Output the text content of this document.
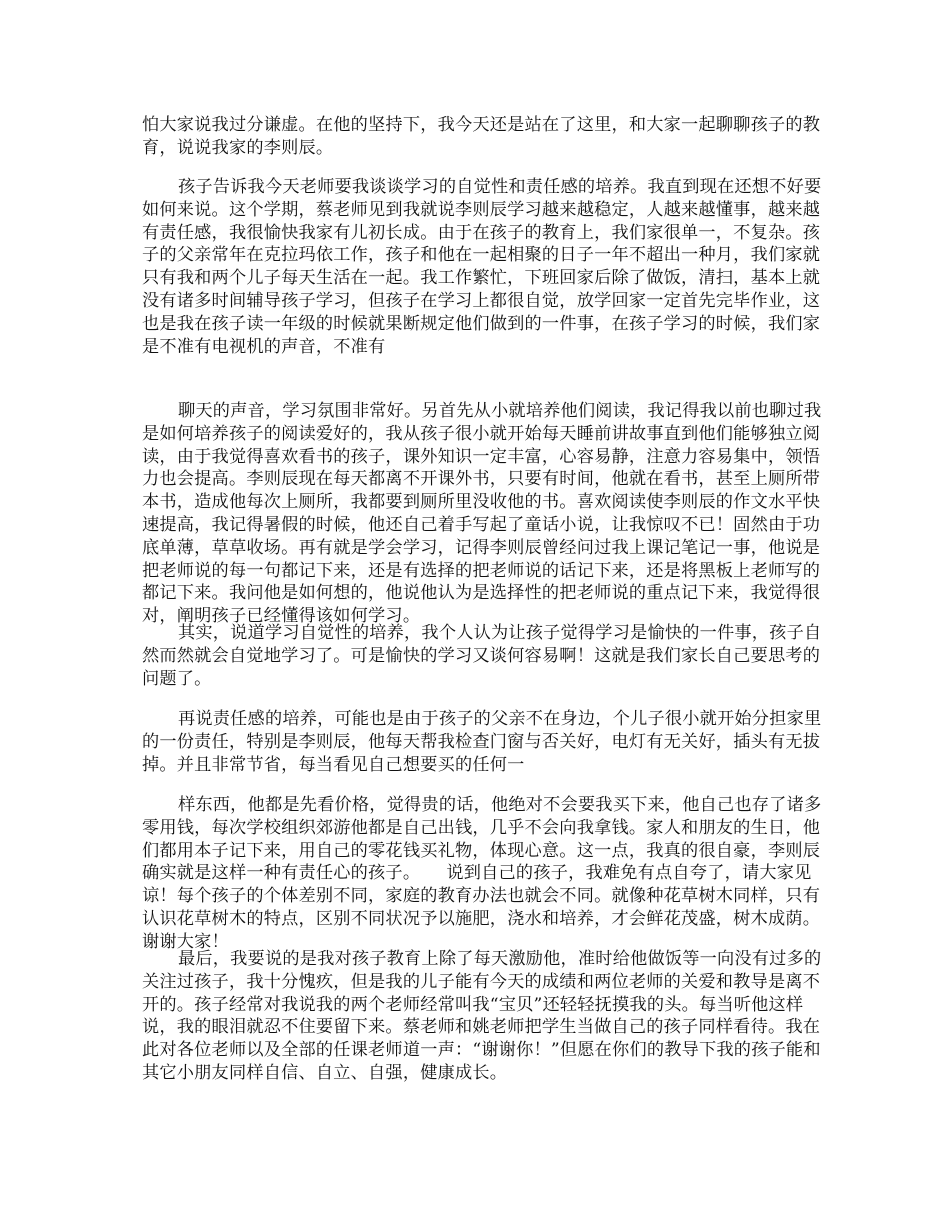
怕大家说我过分谦虚。在他的坚持下，我今天还是站在了这里，和大家一起聊聊孩子的教育，说说我家的李则辰。
孩子告诉我今天老师要我谈谈学习的自觉性和责任感的培养。我直到现在还想不好要如何来说。这个学期，蔡老师见到我就说李则辰学习越来越稳定，人越来越懂事，越来越有责任感，我很愉快我家有儿初长成。由于在孩子的教育上，我们家很单一，不复杂。孩子的父亲常年在克拉玛依工作，孩子和他在一起相聚的日子一年不超出一种月，我们家就只有我和两个儿子每天生活在一起。我工作繁忙，下班回家后除了做饭，清扫，基本上就没有诸多时间辅导孩子学习，但孩子在学习上都很自觉，放学回家一定首先完毕作业，这也是我在孩子读一年级的时候就果断规定他们做到的一件事，在孩子学习的时候，我们家是不准有电视机的声音，不准有
聊天的声音，学习氛围非常好。另首先从小就培养他们阅读，我记得我以前也聊过我是如何培养孩子的阅读爱好的，我从孩子很小就开始每天睡前讲故事直到他们能够独立阅读，由于我觉得喜欢看书的孩子，课外知识一定丰富，心容易静，注意力容易集中，领悟力也会提高。李则辰现在每天都离不开课外书，只要有时间，他就在看书，甚至上厕所带本书，造成他每次上厕所，我都要到厕所里没收他的书。喜欢阅读使李则辰的作文水平快速提高，我记得暑假的时候，他还自己着手写起了童话小说，让我惊叹不已！固然由于功底单薄，草草收场。再有就是学会学习，记得李则辰曾经问过我上课记笔记一事，他说是把老师说的每一句都记下来，还是有选择的把老师说的话记下来，还是将黑板上老师写的都记下来。我问他是如何想的，他说他认为是选择性的把老师说的重点记下来，我觉得很对，阐明孩子已经懂得该如何学习。
其实，说道学习自觉性的培养，我个人认为让孩子觉得学习是愉快的一件事，孩子自然而然就会自觉地学习了。可是愉快的学习又谈何容易啊！这就是我们家长自己要思考的问题了。
再说责任感的培养，可能也是由于孩子的父亲不在身边，个儿子很小就开始分担家里的一份责任，特别是李则辰，他每天帮我检查门窗与否关好，电灯有无关好，插头有无拔掉。并且非常节省，每当看见自己想要买的任何一
样东西，他都是先看价格，觉得贵的话，他绝对不会要我买下来，他自己也存了诸多零用钱，每次学校组织郊游他都是自己出钱，几乎不会向我拿钱。家人和朋友的生日，他们都用本子记下来，用自己的零花钱买礼物，体现心意。这一点，我真的很自豪，李则辰确实就是这样一种有责任心的孩子。　　说到自己的孩子，我难免有点自夸了，请大家见谅！每个孩子的个体差别不同，家庭的教育办法也就会不同。就像种花草树木同样，只有认识花草树木的特点，区别不同状况予以施肥，浇水和培养，才会鲜花茂盛，树木成荫。谢谢大家！
最后，我要说的是我对孩子教育上除了每天激励他，准时给他做饭等一向没有过多的关注过孩子，我十分愧疚，但是我的儿子能有今天的成绩和两位老师的关爱和教导是离不开的。孩子经常对我说我的两个老师经常叫我“宝贝”还轻轻抚摸我的头。每当听他这样说，我的眼泪就忍不住要留下来。蔡老师和姚老师把学生当做自己的孩子同样看待。我在此对各位老师以及全部的任课老师道一声：“谢谢你！”但愿在你们的教导下我的孩子能和其它小朋友同样自信、自立、自强，健康成长。
